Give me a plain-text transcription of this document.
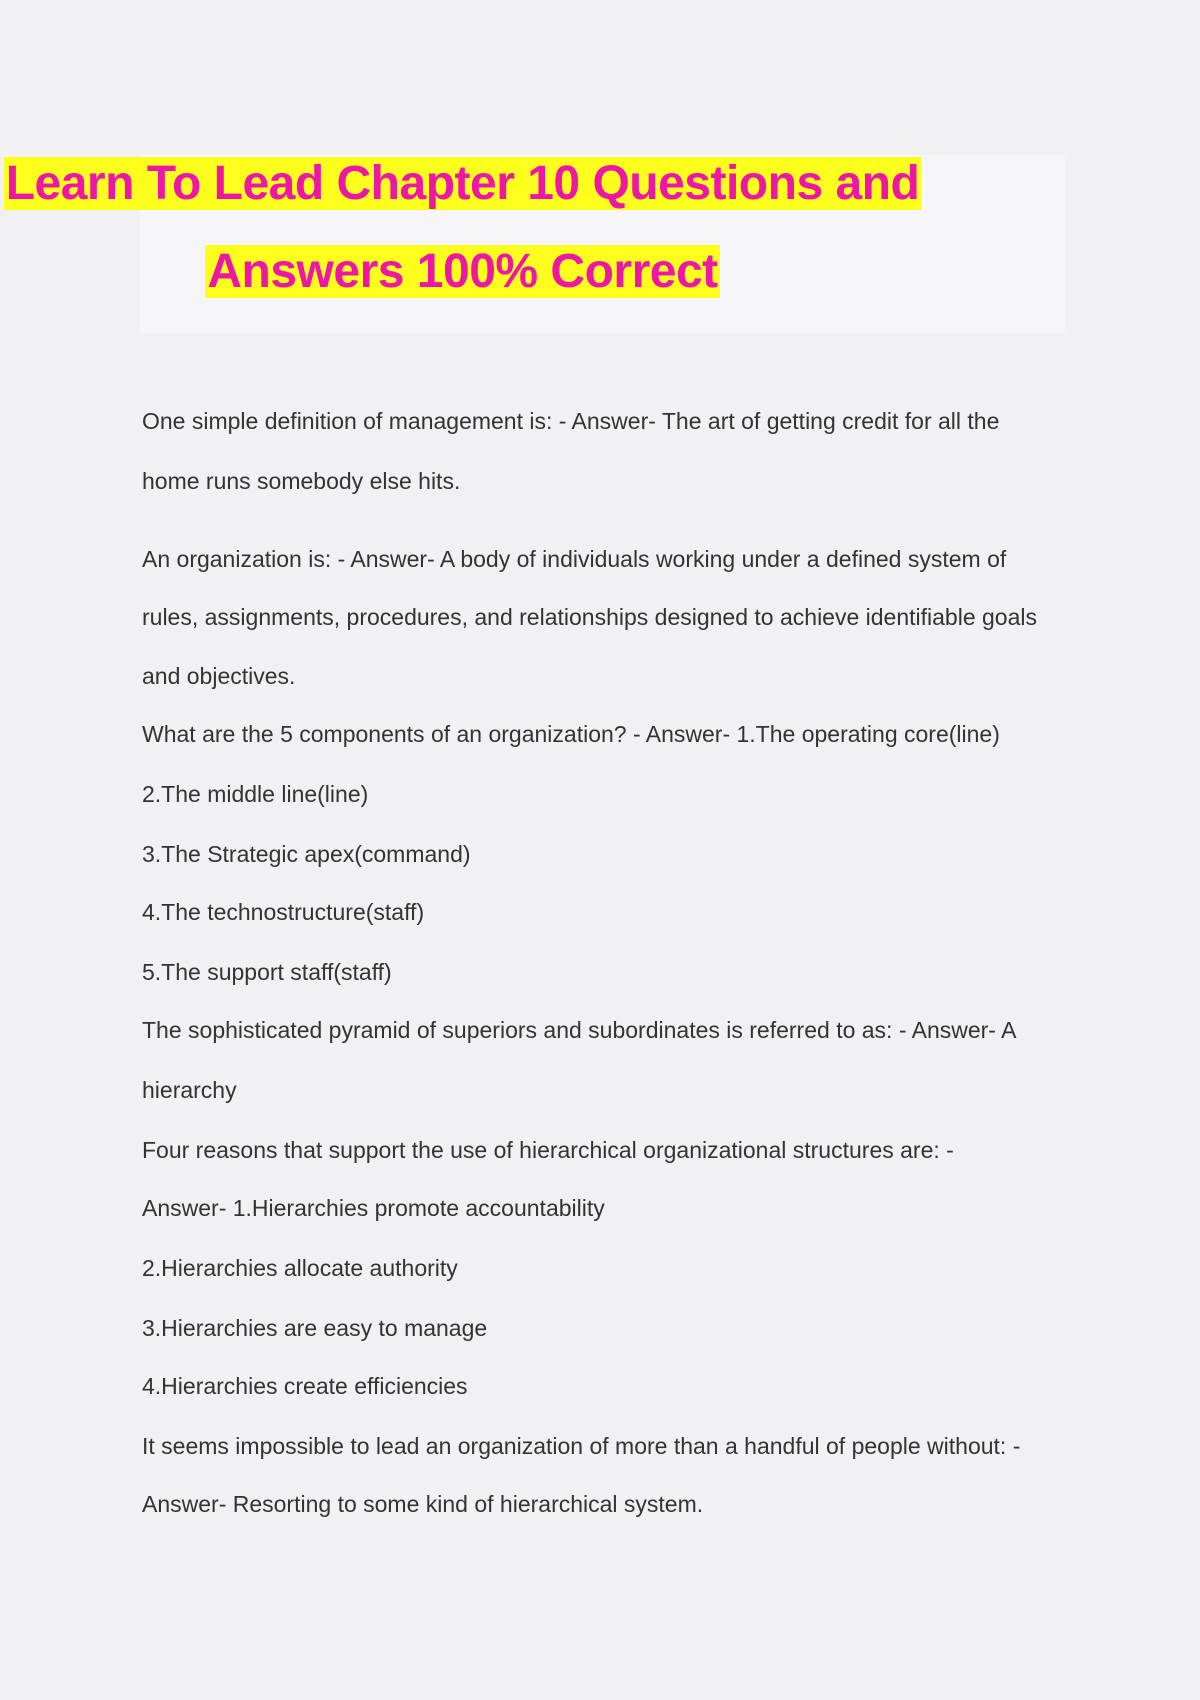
Learn To Lead Chapter 10 Questions and
Answers 100% Correct
One simple definition of management is: - Answer- The art of getting credit for all the
home runs somebody else hits.
An organization is: - Answer- A body of individuals working under a defined system of
rules, assignments, procedures, and relationships designed to achieve identifiable goals
and objectives.
What are the 5 components of an organization? - Answer- 1.The operating core(line)
2.The middle line(line)
3.The Strategic apex(command)
4.The technostructure(staff)
5.The support staff(staff)
The sophisticated pyramid of superiors and subordinates is referred to as: - Answer- A
hierarchy
Four reasons that support the use of hierarchical organizational structures are: -
Answer- 1.Hierarchies promote accountability
2.Hierarchies allocate authority
3.Hierarchies are easy to manage
4.Hierarchies create efficiencies
It seems impossible to lead an organization of more than a handful of people without: -
Answer- Resorting to some kind of hierarchical system.
